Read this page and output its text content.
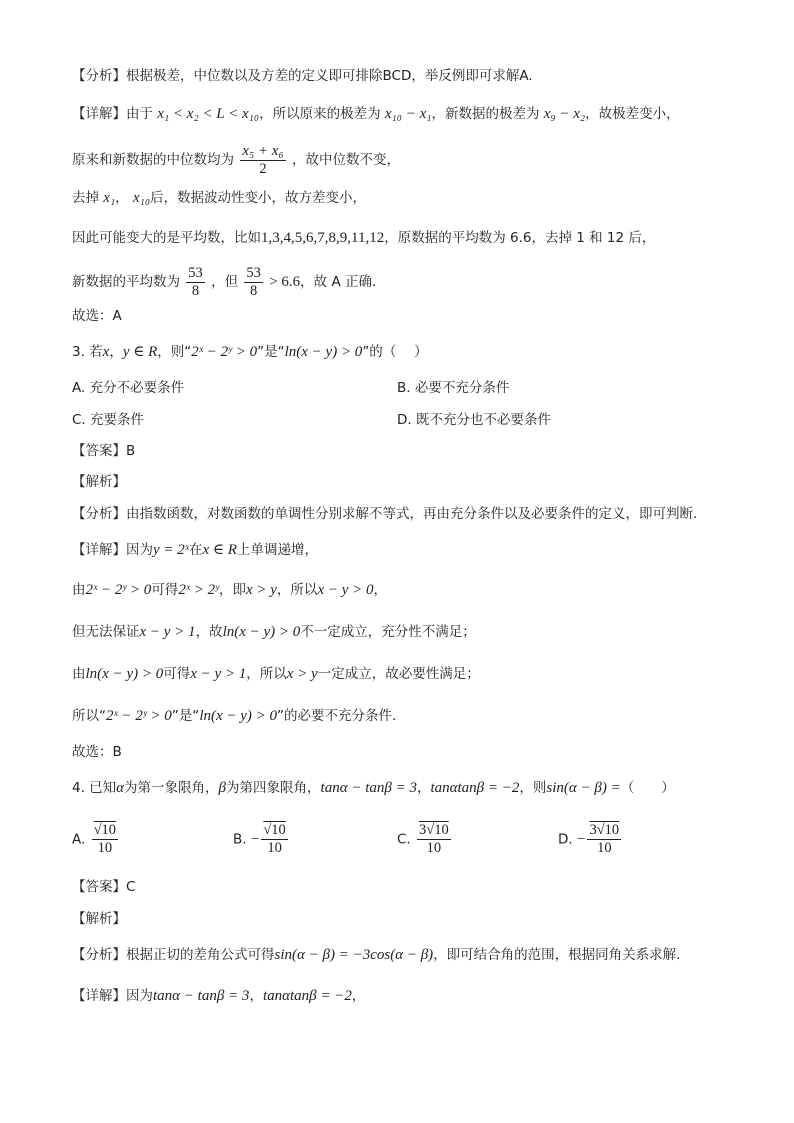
【分析】根据极差，中位数以及方差的定义即可排除BCD，举反例即可求解A.
【详解】由于 x₁ < x₂ < L < x₁₀，所以原来的极差为 x₁₀ − x₁，新数据的极差为 x₉ − x₂，故极差变小，
原来和新数据的中位数均为 $\frac{\text{x₅ + x₆}}{2}$ ，故中位数不变，
去掉 x₁， x₁₀后，数据波动性变小，故方差变小，
因此可能变大的是平均数，比如1,3,4,5,6,7,8,9,11,12，原数据的平均数为 6.6，去掉 1 和 12 后，
新数据的平均数为 $\frac{53}{8}$ ，但 $\frac{53}{8} > 6.6$，故 A 正确.
故选：A
3. 若x，y ∈ R，则“2ˣ − 2ʸ > 0”是“ln(x − y) > 0”的（　 ）
A. 充分不必要条件	B. 必要不充分条件
C. 充要条件	D. 既不充分也不必要条件
【答案】B
【解析】
【分析】由指数函数，对数函数的单调性分别求解不等式，再由充分条件以及必要条件的定义，即可判断.
【详解】因为y = 2ˣ在x ∈ R上单调递增，
由2ˣ − 2ʸ > 0可得2ˣ > 2ʸ，即x > y，所以x − y > 0，
但无法保证x − y > 1，故ln(x − y) > 0不一定成立，充分性不满足；
由ln(x − y) > 0可得x − y > 1，所以x > y一定成立，故必要性满足；
所以“2ˣ − 2ʸ > 0”是“ln(x − y) > 0”的必要不充分条件.
故选：B
4. 已知α为第一象限角，β为第四象限角，tanα − tanβ = 3，tanαtanβ = −2，则sin(α − β) =（　　）
A. $\frac{√10}{10}$	B. − $\frac{√10}{10}$	C. $\frac{3√10}{10}$	D. − $\frac{3√10}{10}$
【答案】C
【解析】
【分析】根据正切的差角公式可得sin(α − β) = −3cos(α − β)，即可结合角的范围，根据同角关系求解.
【详解】因为tanα − tanβ = 3，tanαtanβ = −2，
